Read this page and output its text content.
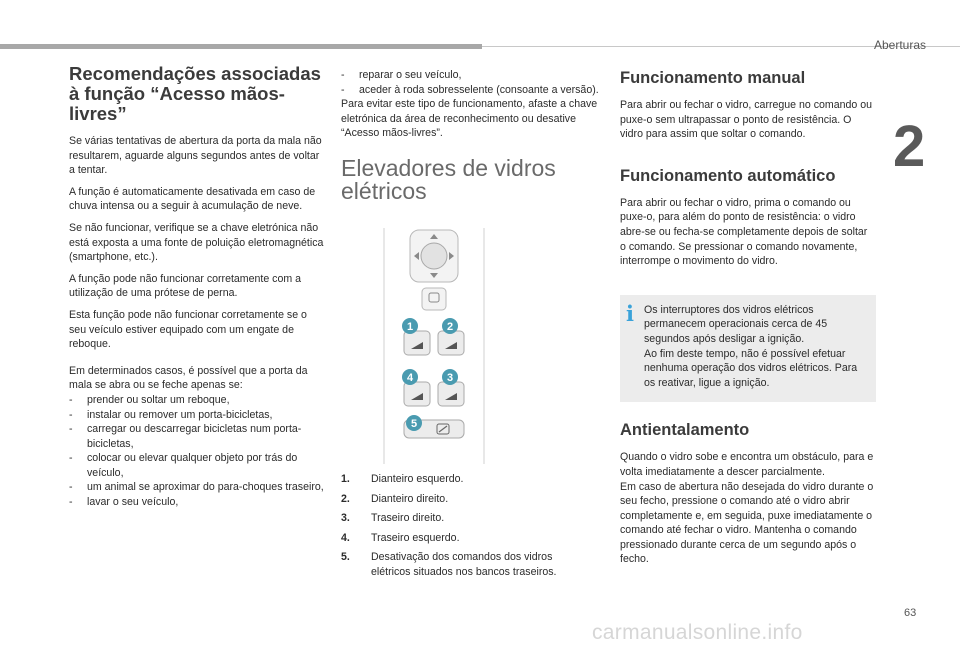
Aberturas
2
Recomendações associadas à função “Acesso mãos-livres”

Se várias tentativas de abertura da porta da mala não resultarem, aguarde alguns segundos antes de voltar a tentar.

A função é automaticamente desativada em caso de chuva intensa ou a seguir à acumulação de neve.

Se não funcionar, verifique se a chave eletrónica não está exposta a uma fonte de poluição eletromagnética (smartphone, etc.).

A função pode não funcionar corretamente com a utilização de uma prótese de perna.

Esta função pode não funcionar corretamente se o seu veículo estiver equipado com um engate de reboque.

Em determinados casos, é possível que a porta da mala se abra ou se feche apenas se:

- prender ou soltar um reboque,
- instalar ou remover um porta-bicicletas,
- carregar ou descarregar bicicletas num porta-bicicletas,
- colocar ou elevar qualquer objeto por trás do veículo,
- um animal se aproximar do para-choques traseiro,
- lavar o seu veículo,
- reparar o seu veículo,
- aceder à roda sobresselente (consoante a versão).

Para evitar este tipo de funcionamento, afaste a chave eletrónica da área de reconhecimento ou desative “Acesso mãos-livres”.

Elevadores de vidros elétricos
1	2
4	3
5
1. Dianteiro esquerdo.
2. Dianteiro direito.
3. Traseiro direito.
4. Traseiro esquerdo.
5. Desativação dos comandos dos vidros elétricos situados nos bancos traseiros.
Funcionamento manual

Para abrir ou fechar o vidro, carregue no comando ou puxe-o sem ultrapassar o ponto de resistência. O vidro para assim que soltar o comando.

Funcionamento automático

Para abrir ou fechar o vidro, prima o comando ou puxe-o, para além do ponto de resistência: o vidro abre-se ou fecha-se completamente depois de soltar o comando. Se pressionar o comando novamente, interrompe o movimento do vidro.

i Os interruptores dos vidros elétricos permanecem operacionais cerca de 45 segundos após desligar a ignição.

Ao fim deste tempo, não é possível efetuar nenhuma operação dos vidros elétricos. Para os reativar, ligue a ignição.

Antientalamento

Quando o vidro sobe e encontra um obstáculo, para e volta imediatamente a descer parcialmente.

Em caso de abertura não desejada do vidro durante o seu fecho, pressione o comando até o vidro abrir completamente e, em seguida, puxe imediatamente o comando até fechar o vidro. Mantenha o comando pressionado durante cerca de um segundo após o fecho.

63
carmanualsonline.info
